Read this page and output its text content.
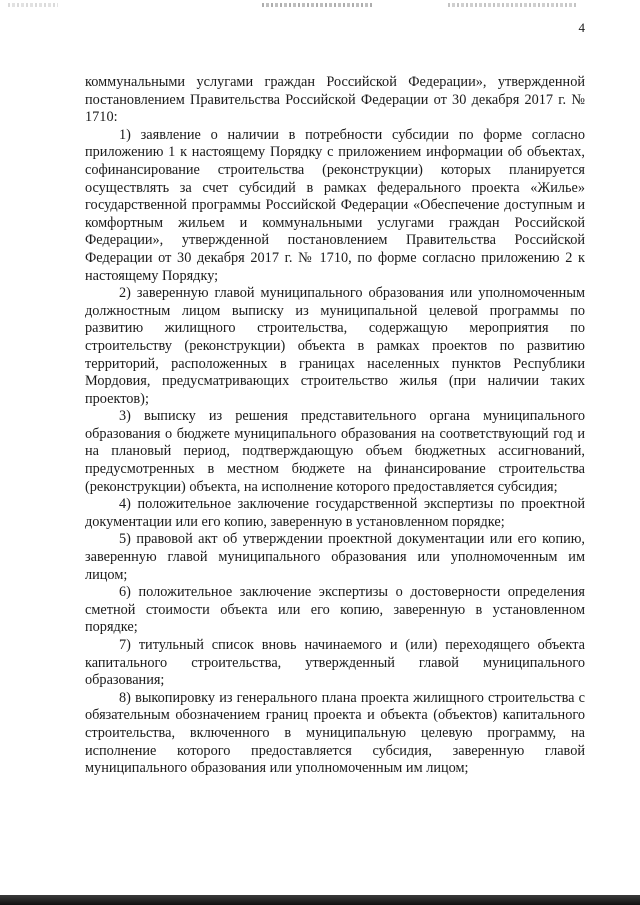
4

коммунальными услугами граждан Российской Федерации», утвержденной постановлением Правительства Российской Федерации от 30 декабря 2017 г. № 1710:

1) заявление о наличии в потребности субсидии по форме согласно приложению 1 к настоящему Порядку с приложением информации об объектах, софинансирование строительства (реконструкции) которых планируется осуществлять за счет субсидий в рамках федерального проекта «Жилье» государственной программы Российской Федерации «Обеспечение доступным и комфортным жильем и коммунальными услугами граждан Российской Федерации», утвержденной постановлением Правительства Российской Федерации от 30 декабря 2017 г. № 1710, по форме согласно приложению 2 к настоящему Порядку;

2) заверенную главой муниципального образования или уполномоченным должностным лицом выписку из муниципальной целевой программы по развитию жилищного строительства, содержащую мероприятия по строительству (реконструкции) объекта в рамках проектов по развитию территорий, расположенных в границах населенных пунктов Республики Мордовия, предусматривающих строительство жилья (при наличии таких проектов);

3) выписку из решения представительного органа муниципального образования о бюджете муниципального образования на соответствующий год и на плановый период, подтверждающую объем бюджетных ассигнований, предусмотренных в местном бюджете на финансирование строительства (реконструкции) объекта, на исполнение которого предоставляется субсидия;

4) положительное заключение государственной экспертизы по проектной документации или его копию, заверенную в установленном порядке;

5) правовой акт об утверждении проектной документации или его копию, заверенную главой муниципального образования или уполномоченным им лицом;

6) положительное заключение экспертизы о достоверности определения сметной стоимости объекта или его копию, заверенную в установленном порядке;

7) титульный список вновь начинаемого и (или) переходящего объекта капитального строительства, утвержденный главой муниципального образования;

8) выкопировку из генерального плана проекта жилищного строительства с обязательным обозначением границ проекта и объекта (объектов) капитального строительства, включенного в муниципальную целевую программу, на исполнение которого предоставляется субсидия, заверенную главой муниципального образования или уполномоченным им лицом;
